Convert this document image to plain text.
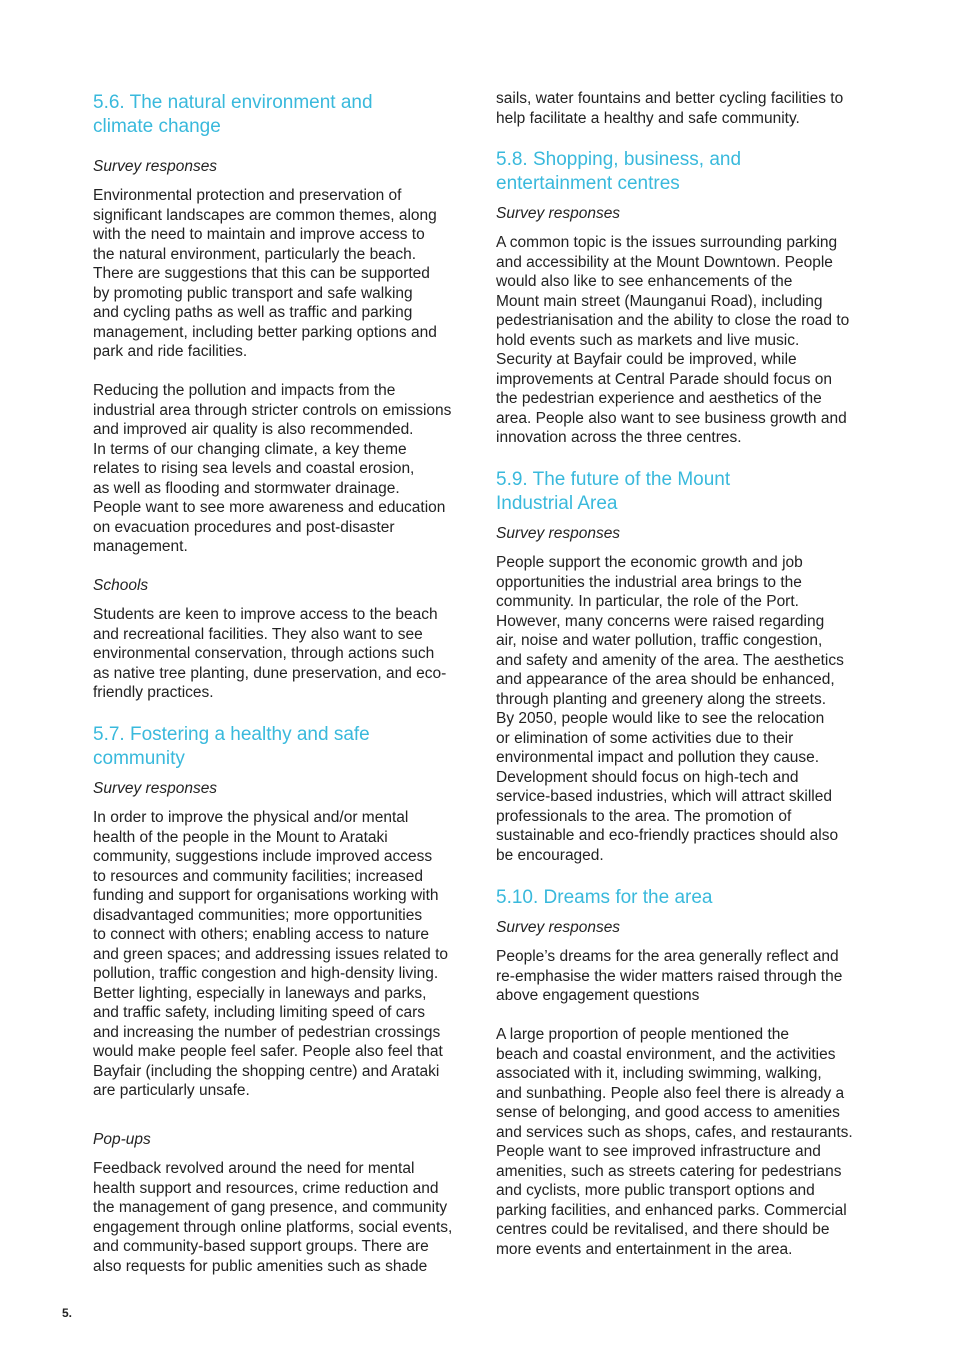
5.6. The natural environment and
climate change
Survey responses

Environmental protection and preservation of
significant landscapes are common themes, along
with the need to maintain and improve access to
the natural environment, particularly the beach.
There are suggestions that this can be supported
by promoting public transport and safe walking
and cycling paths as well as traffic and parking
management, including better parking options and
park and ride facilities.

Reducing the pollution and impacts from the
industrial area through stricter controls on emissions
and improved air quality is also recommended.
In terms of our changing climate, a key theme
relates to rising sea levels and coastal erosion,
as well as flooding and stormwater drainage.
People want to see more awareness and education
on evacuation procedures and post-disaster
management.

Schools

Students are keen to improve access to the beach
and recreational facilities. They also want to see
environmental conservation, through actions such
as native tree planting, dune preservation, and eco-
friendly practices.

5.7. Fostering a healthy and safe
community
Survey responses

In order to improve the physical and/or mental
health of the people in the Mount to Arataki
community, suggestions include improved access
to resources and community facilities; increased
funding and support for organisations working with
disadvantaged communities; more opportunities
to connect with others; enabling access to nature
and green spaces; and addressing issues related to
pollution, traffic congestion and high-density living.
Better lighting, especially in laneways and parks,
and traffic safety, including limiting speed of cars
and increasing the number of pedestrian crossings
would make people feel safer. People also feel that
Bayfair (including the shopping centre) and Arataki
are particularly unsafe.

Pop-ups

Feedback revolved around the need for mental
health support and resources, crime reduction and
the management of gang presence, and community
engagement through online platforms, social events,
and community-based support groups. There are
also requests for public amenities such as shade

sails, water fountains and better cycling facilities to
help facilitate a healthy and safe community.

5.8. Shopping, business, and
entertainment centres
Survey responses

A common topic is the issues surrounding parking
and accessibility at the Mount Downtown. People
would also like to see enhancements of the
Mount main street (Maunganui Road), including
pedestrianisation and the ability to close the road to
hold events such as markets and live music.
Security at Bayfair could be improved, while
improvements at Central Parade should focus on
the pedestrian experience and aesthetics of the
area. People also want to see business growth and
innovation across the three centres.

5.9. The future of the Mount
Industrial Area
Survey responses

People support the economic growth and job
opportunities the industrial area brings to the
community. In particular, the role of the Port.
However, many concerns were raised regarding
air, noise and water pollution, traffic congestion,
and safety and amenity of the area. The aesthetics
and appearance of the area should be enhanced,
through planting and greenery along the streets.
By 2050, people would like to see the relocation
or elimination of some activities due to their
environmental impact and pollution they cause.
Development should focus on high-tech and
service-based industries, which will attract skilled
professionals to the area. The promotion of
sustainable and eco-friendly practices should also
be encouraged.

5.10. Dreams for the area
Survey responses

People’s dreams for the area generally reflect and
re-emphasise the wider matters raised through the
above engagement questions

A large proportion of people mentioned the
beach and coastal environment, and the activities
associated with it, including swimming, walking,
and sunbathing. People also feel there is already a
sense of belonging, and good access to amenities
and services such as shops, cafes, and restaurants.
People want to see improved infrastructure and
amenities, such as streets catering for pedestrians
and cyclists, more public transport options and
parking facilities, and enhanced parks. Commercial
centres could be revitalised, and there should be
more events and entertainment in the area.

5.
